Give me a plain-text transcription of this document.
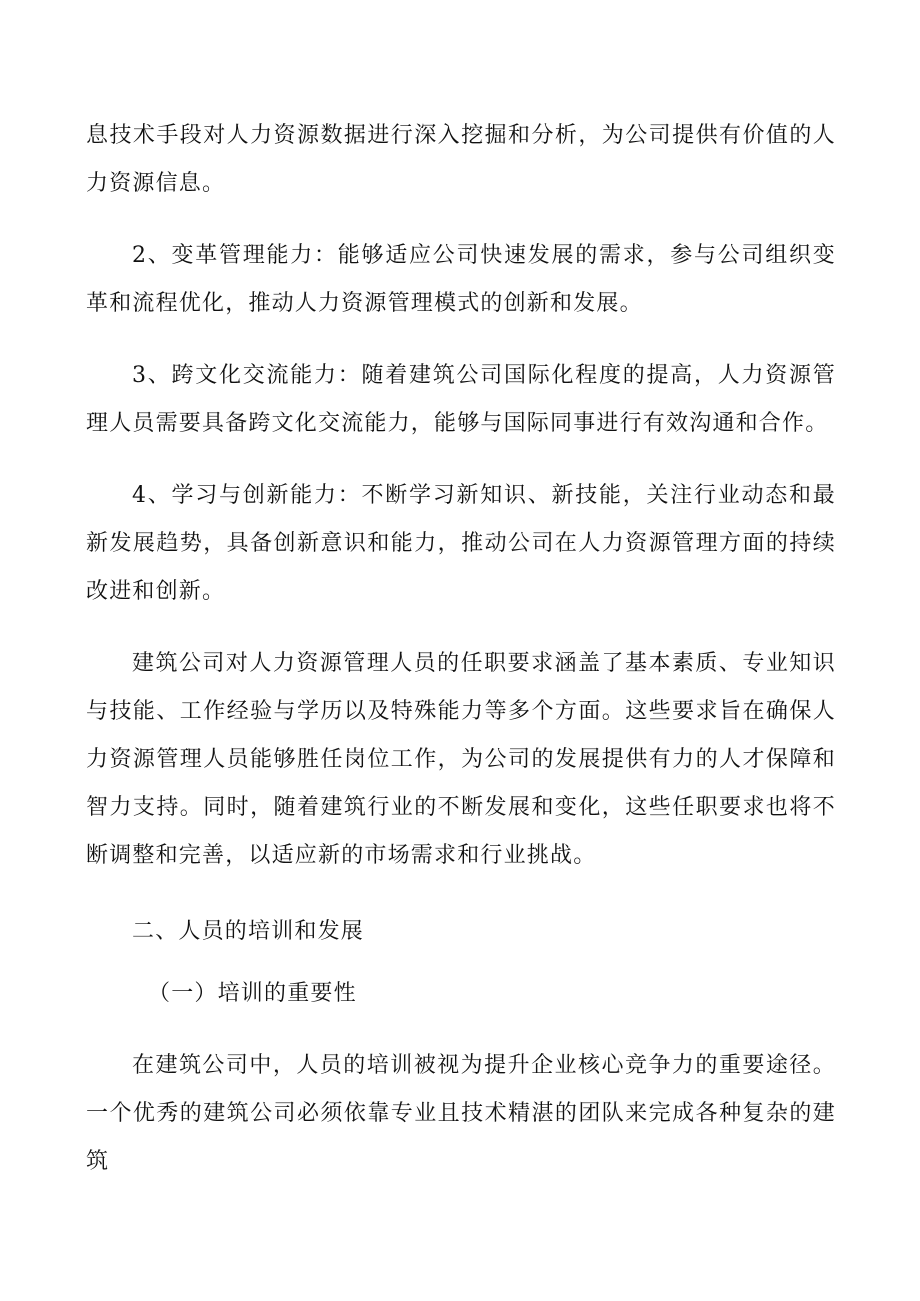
息技术手段对人力资源数据进行深入挖掘和分析，为公司提供有价值的人力资源信息。

2、变革管理能力：能够适应公司快速发展的需求，参与公司组织变革和流程优化，推动人力资源管理模式的创新和发展。

3、跨文化交流能力：随着建筑公司国际化程度的提高，人力资源管理人员需要具备跨文化交流能力，能够与国际同事进行有效沟通和合作。

4、学习与创新能力：不断学习新知识、新技能，关注行业动态和最新发展趋势，具备创新意识和能力，推动公司在人力资源管理方面的持续改进和创新。

建筑公司对人力资源管理人员的任职要求涵盖了基本素质、专业知识与技能、工作经验与学历以及特殊能力等多个方面。这些要求旨在确保人力资源管理人员能够胜任岗位工作，为公司的发展提供有力的人才保障和智力支持。同时，随着建筑行业的不断发展和变化，这些任职要求也将不断调整和完善，以适应新的市场需求和行业挑战。

二、人员的培训和发展

（一）培训的重要性

在建筑公司中，人员的培训被视为提升企业核心竞争力的重要途径。一个优秀的建筑公司必须依靠专业且技术精湛的团队来完成各种复杂的建筑
